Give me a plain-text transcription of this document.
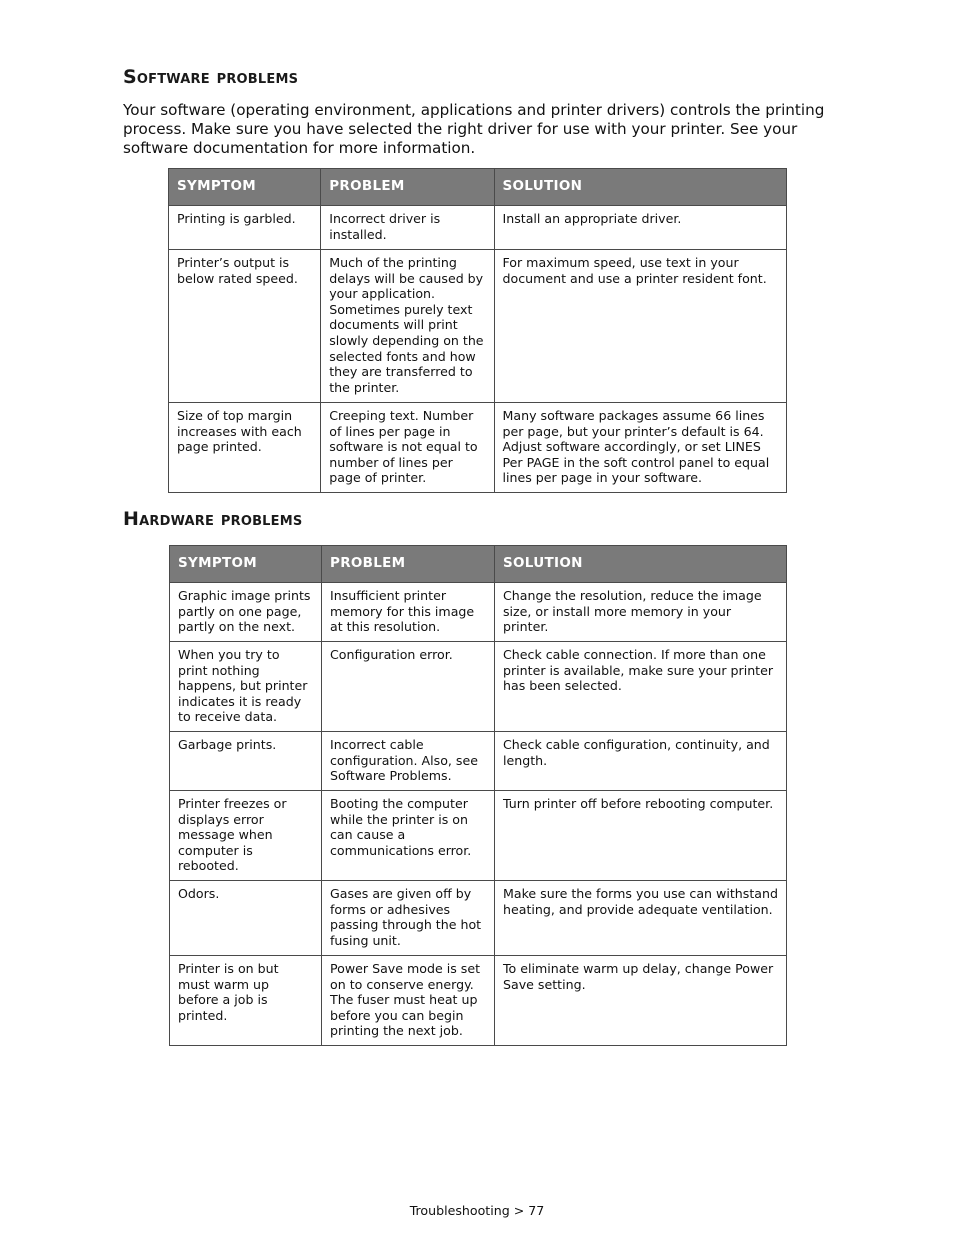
Software problems

Your software (operating environment, applications and printer drivers) controls the printing process. Make sure you have selected the right driver for use with your printer. See your software documentation for more information.

SYMPTOM	PROBLEM	SOLUTION
Printing is garbled.	Incorrect driver is installed.	Install an appropriate driver.
Printer’s output is below rated speed.	Much of the printing delays will be caused by your application. Sometimes purely text documents will print slowly depending on the selected fonts and how they are transferred to the printer.	For maximum speed, use text in your document and use a printer resident font.
Size of top margin increases with each page printed.	Creeping text. Number of lines per page in software is not equal to number of lines per page of printer.	Many software packages assume 66 lines per page, but your printer’s default is 64. Adjust software accordingly, or set LINES Per PAGE in the soft control panel to equal lines per page in your software.
Hardware problems
SYMPTOM	PROBLEM	SOLUTION
Graphic image prints partly on one page, partly on the next.	Insufficient printer memory for this image at this resolution.	Change the resolution, reduce the image size, or install more memory in your printer.
When you try to print nothing happens, but printer indicates it is ready to receive data.	Configuration error.	Check cable connection. If more than one printer is available, make sure your printer has been selected.
Garbage prints.	Incorrect cable configuration. Also, see Software Problems.	Check cable configuration, continuity, and length.
Printer freezes or displays error message when computer is rebooted.	Booting the computer while the printer is on can cause a communications error.	Turn printer off before rebooting computer.
Odors.	Gases are given off by forms or adhesives passing through the hot fusing unit.	Make sure the forms you use can withstand heating, and provide adequate ventilation.
Printer is on but must warm up before a job is printed.	Power Save mode is set on to conserve energy. The fuser must heat up before you can begin printing the next job.	To eliminate warm up delay, change Power Save setting.
Troubleshooting > 77
